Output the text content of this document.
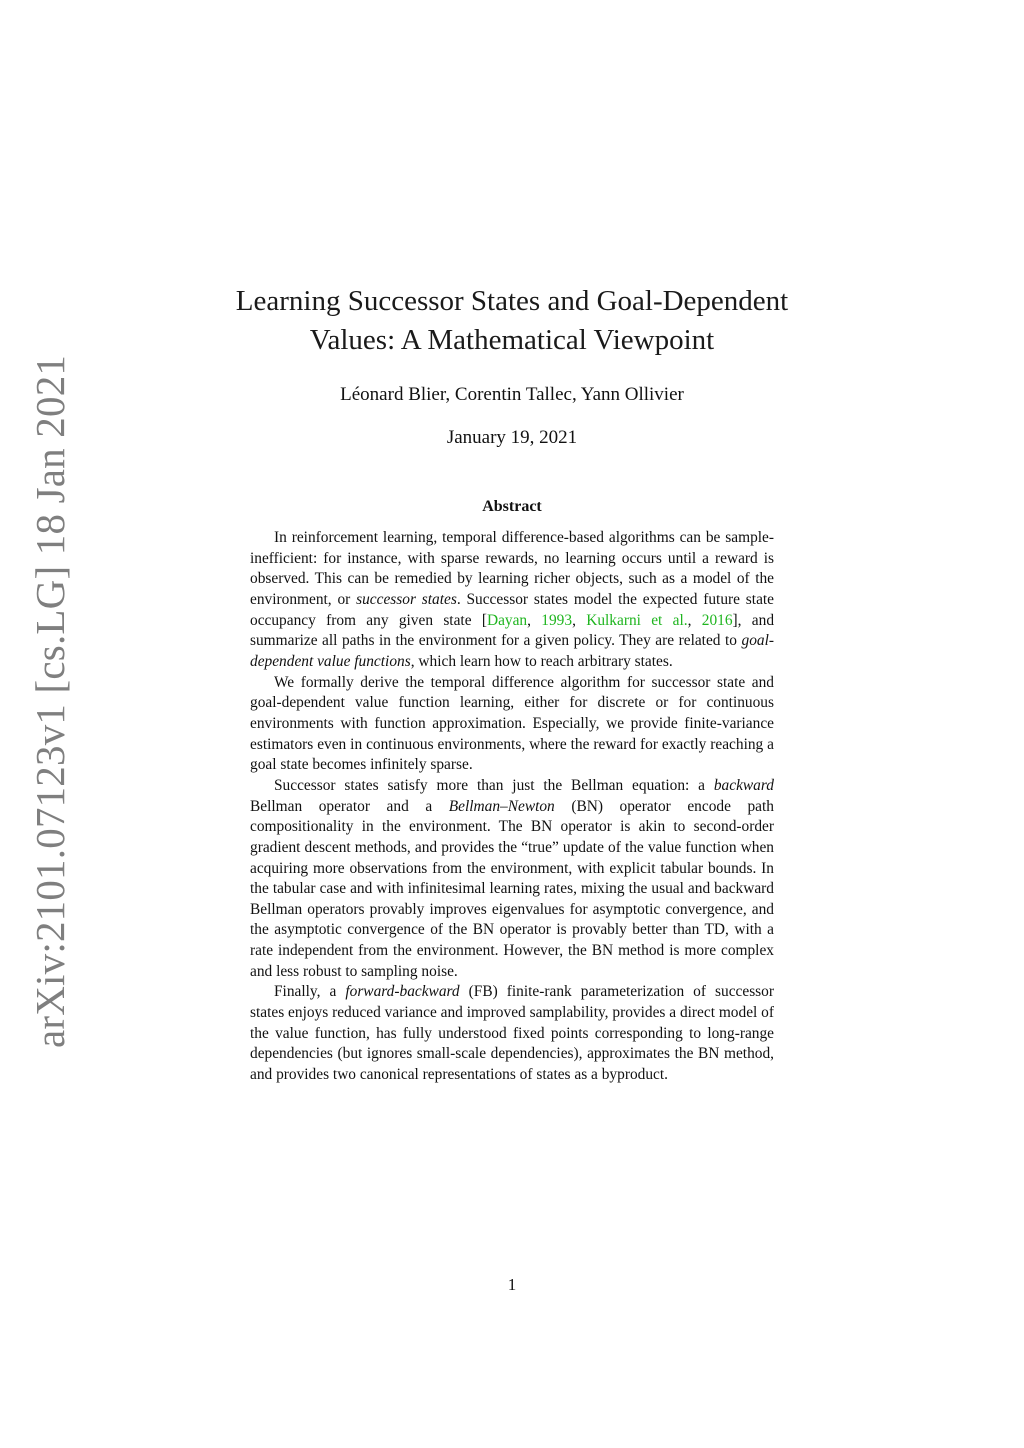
arXiv:2101.07123v1 [cs.LG] 18 Jan 2021
Learning Successor States and Goal-Dependent
Values: A Mathematical Viewpoint
Léonard Blier, Corentin Tallec, Yann Ollivier
January 19, 2021
Abstract

In reinforcement learning, temporal difference-based algorithms can be sample-inefficient: for instance, with sparse rewards, no learning occurs until a reward is observed. This can be remedied by learning richer objects, such as a model of the environment, or successor states. Successor states model the expected future state occupancy from any given state [Dayan, 1993, Kulkarni et al., 2016], and summarize all paths in the environment for a given policy. They are related to goal-dependent value functions, which learn how to reach arbitrary states.

We formally derive the temporal difference algorithm for successor state and goal-dependent value function learning, either for discrete or for continuous environments with function approximation. Especially, we provide finite-variance estimators even in continuous environments, where the reward for exactly reaching a goal state becomes infinitely sparse.

Successor states satisfy more than just the Bellman equation: a backward Bellman operator and a Bellman–Newton (BN) operator encode path compositionality in the environment. The BN operator is akin to second-order gradient descent methods, and provides the “true” update of the value function when acquiring more observations from the environment, with explicit tabular bounds. In the tabular case and with infinitesimal learning rates, mixing the usual and backward Bellman operators provably improves eigenvalues for asymptotic convergence, and the asymptotic convergence of the BN operator is provably better than TD, with a rate independent from the environment. However, the BN method is more complex and less robust to sampling noise.

Finally, a forward-backward (FB) finite-rank parameterization of successor states enjoys reduced variance and improved samplability, provides a direct model of the value function, has fully understood fixed points corresponding to long-range dependencies (but ignores small-scale dependencies), approximates the BN method, and provides two canonical representations of states as a byproduct.

1
